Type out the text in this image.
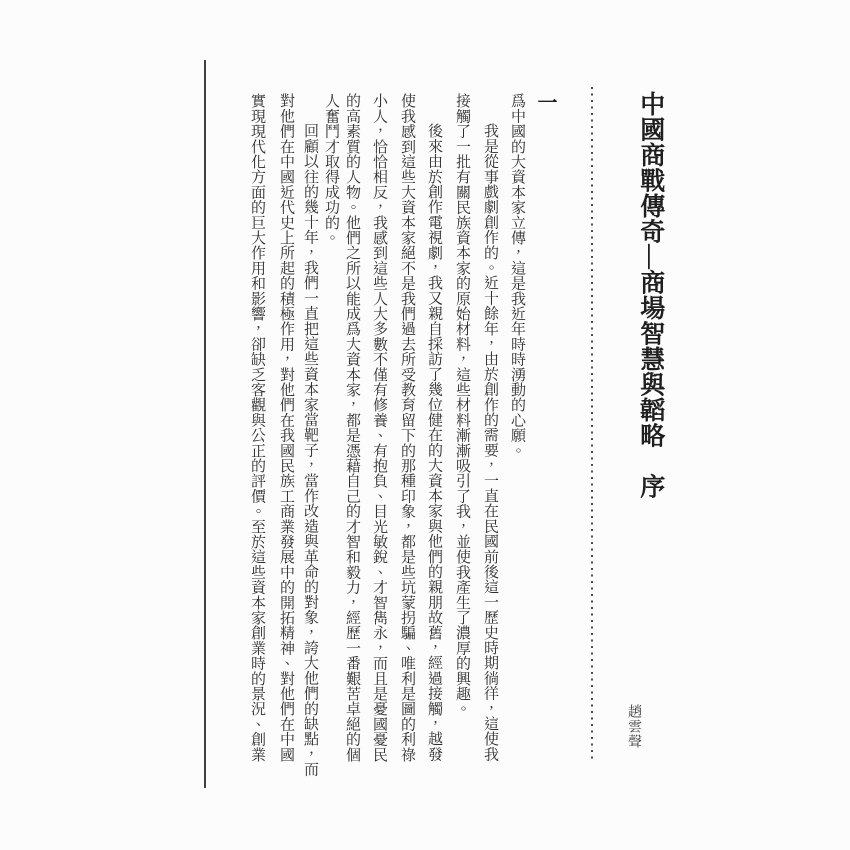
中國商戰傳奇—商場智慧與韜略　序
趙雲聲
一
爲中國的大資本家立傳，這是我近年時時湧動的心願。
我是從事戲劇創作的。近十餘年，由於創作的需要，一直在民國前後這一歷史時期徜徉，這使我
接觸了一批有關民族資本家的原始材料，這些材料漸漸吸引了我，並使我產生了濃厚的興趣。
後來由於創作電視劇，我又親自採訪了幾位健在的大資本家與他們的親朋故舊，經過接觸，越發
使我感到這些大資本家絕不是我們過去所受教育留下的那種印象，都是些坑蒙拐騙、唯利是圖的利祿
小人，恰恰相反，我感到這些人大多數不僅有修養、有抱負、目光敏銳、才智雋永，而且是憂國憂民
的高素質的人物。他們之所以能成爲大資本家，都是憑藉自己的才智和毅力，經歷一番艱苦卓絕的個
人奮鬥才取得成功的。
回顧以往的幾十年，我們一直把這些資本家當靶子，當作改造與革命的對象，誇大他們的缺點，而
對他們在中國近代史上所起的積極作用，對他們在我國民族工商業發展中的開拓精神、對他們在中國
實現現代化方面的巨大作用和影響，卻缺乏客觀與公正的評價。至於這些資本家創業時的景況、創業
